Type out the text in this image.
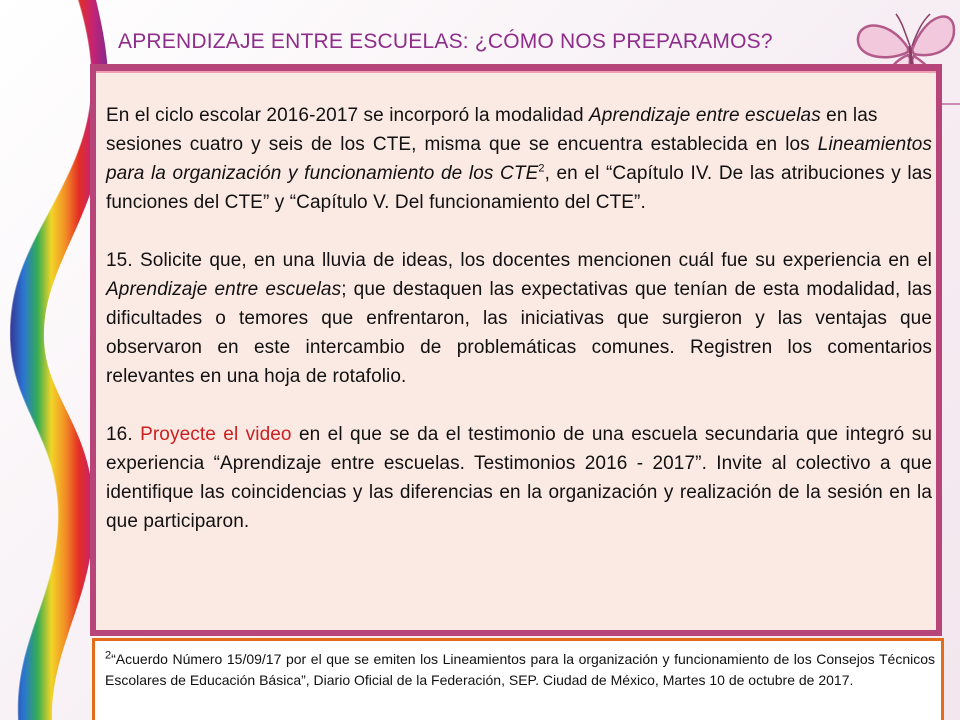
APRENDIZAJE ENTRE ESCUELAS: ¿CÓMO NOS PREPARAMOS?

En el ciclo escolar 2016-2017 se incorporó la modalidad Aprendizaje entre escuelas en las
sesiones cuatro y seis de los CTE, misma que se encuentra establecida en los Lineamientos para la organización y funcionamiento de los CTE$^2$, en el “Capítulo IV. De las atribuciones y las funciones del CTE” y “Capítulo V. Del funcionamiento del CTE”.

15. Solicite que, en una lluvia de ideas, los docentes mencionen cuál fue su experiencia en el Aprendizaje entre escuelas; que destaquen las expectativas que tenían de esta modalidad, las dificultades o temores que enfrentaron, las iniciativas que surgieron y las ventajas que observaron en este intercambio de problemáticas comunes. Registren los comentarios relevantes en una hoja de rotafolio.

16. Proyecte el video en el que se da el testimonio de una escuela secundaria que integró su experiencia “Aprendizaje entre escuelas. Testimonios 2016 - 2017”. Invite al colectivo a que identifique las coincidencias y las diferencias en la organización y realización de la sesión en la que participaron.

$^2$“Acuerdo Número 15/09/17 por el que se emiten los Lineamientos para la organización y funcionamiento de los Consejos Técnicos Escolares de Educación Básica”, Diario Oficial de la Federación, SEP. Ciudad de México, Martes 10 de octubre de 2017.
